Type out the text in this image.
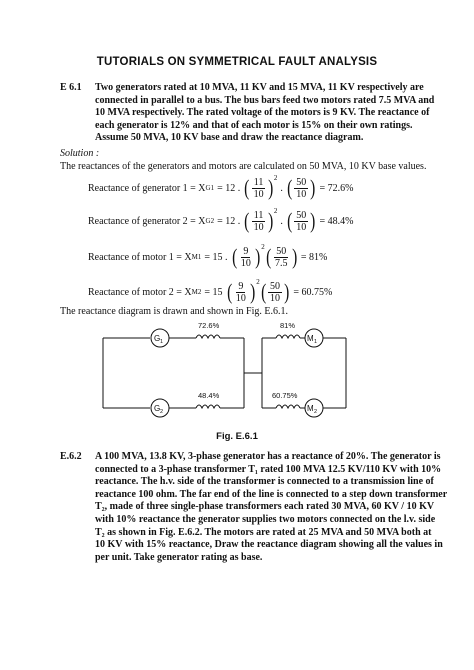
TUTORIALS ON SYMMETRICAL FAULT ANALYSIS
E 6.1 Two generators rated at 10 MVA, 11 KV and 15 MVA, 11 KV respectively are
connected in parallel to a bus. The bus bars feed two motors rated 7.5 MVA and
10 MVA respectively. The rated voltage of the motors is 9 KV. The reactance of
each generator is 12% and that of each motor is 15% on their own ratings.
Assume 50 MVA, 10 KV base and draw the reactance diagram.
Solution :
The reactances of the generators and motors are calculated on 50 MVA, 10 KV base values.
Reactance of generator 1 = X G1 = 12 . ( $\frac{11}{10} )^2$
. ( $\frac{50}{10}$ ) = 72.6%
Reactance of generator 2 = X G2 = 12 . ( $\frac{11}{10} )^2$
. ( $\frac{50}{10}$ ) = 48.4%
Reactance of motor 1 = X M1 = 15 . ( $\frac{9}{10} )^2$ ( $\frac{50}{7.5}$ ) = 81%
Reactance of motor 2 = X M2 = 15 ( $\frac{9}{10} )^2$ ( $\frac{50}{10}$ ) = 60.75%
The reactance diagram is drawn and shown in Fig. E.6.1.
72.6%
48.4%
81%
60.75%
G 1
G 2
M 1
M 2
Fig. E.6.1
E.6.2 A 100 MVA, 13.8 KV, 3-phase generator has a reactance of 20%. The generator is
connected to a 3-phase transformer T₁ rated 100 MVA 12.5 KV/110 KV with 10%
reactance. The h.v. side of the transformer is connected to a transmission line of
reactance 100 ohm. The far end of the line is connected to a step down transformer
T₂, made of three single-phase transformers each rated 30 MVA, 60 KV / 10 KV
with 10% reactance the generator supplies two motors connected on the l.v. side
T₂ as shown in Fig. E.6.2. The motors are rated at 25 MVA and 50 MVA both at
10 KV with 15% reactance, Draw the reactance diagram showing all the values in
per unit. Take generator rating as base.
